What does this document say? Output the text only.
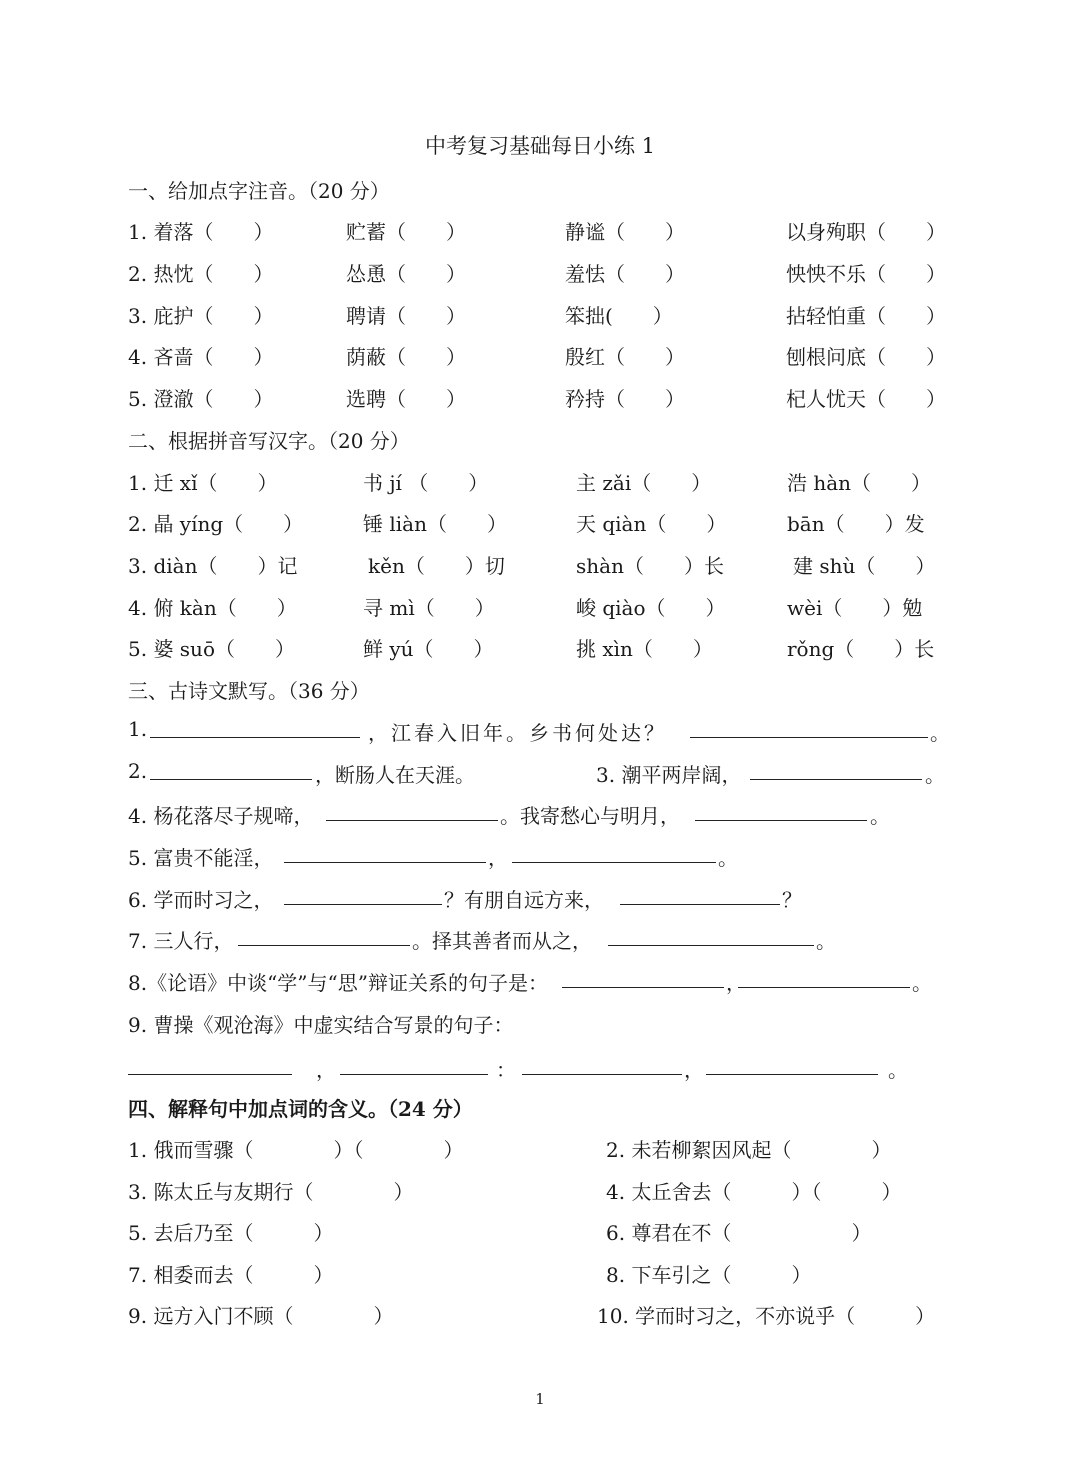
中考复习基础每日小练 1
一、给加点字注音。（20 分）
1. 着落（　　）	贮蓄（　　）	静谧（　　）	以身殉职（　　）
2. 热忱（　　）	怂恿（　　）	羞怯（　　）	怏怏不乐（　　）
3. 庇护（　　）	聘请（　　）	笨拙(　　）	拈轻怕重（　　）
4. 吝啬（　　）	荫蔽（　　）	殷红（　　）	刨根问底（　　）
5. 澄澈（　　）	选聘（　　）	矜持（　　）	杞人忧天（　　）
二、根据拼音写汉字。（20 分）
1. 迁 xǐ（　　）	书 jí （　　）	主 zǎi（　　）	浩 hàn（　　）
2. 晶 yíng（　　）	锤 liàn（　　）	天 qiàn（　　）	bān（　　）发
3. diàn（　　）记	kěn（　　）切	shàn（　　）长	建 shù（　　）
4. 俯 kàn（　　）	寻 mì（　　）	峻 qiào（　　）	wèi（　　）勉
5. 婆 suō（　　）	鲜 yú（　　）	挑 xìn（　　）	rǒng（　　）长
三、古诗文默写。（36 分）
1.	，江春入旧年。乡书何处达？	。
2.	，断肠人在天涯。	3. 潮平两岸阔，	。
4. 杨花落尽子规啼，	。我寄愁心与明月，	。
5. 富贵不能淫，	，	。
6. 学而时习之，	？有朋自远方来，	？
7. 三人行，	。择其善者而从之，	。
8.《论语》中谈“学”与“思”辩证关系的句子是：	，	。
9. 曹操《观沧海》中虚实结合写景的句子：
，	：	，	。
四、解释句中加点词的含义。（24 分）
1. 俄而雪骤（　　　　）（　　　　）	2. 未若柳絮因风起（　　　　）
3. 陈太丘与友期行（　　　　）	4. 太丘舍去（　　　）（　　　）
5. 去后乃至（　　　）	6. 尊君在不（　　　　　　）
7. 相委而去（　　　）	8. 下车引之（　　　）
9. 远方入门不顾（　　　　）	10. 学而时习之，不亦说乎（　　　）
1
